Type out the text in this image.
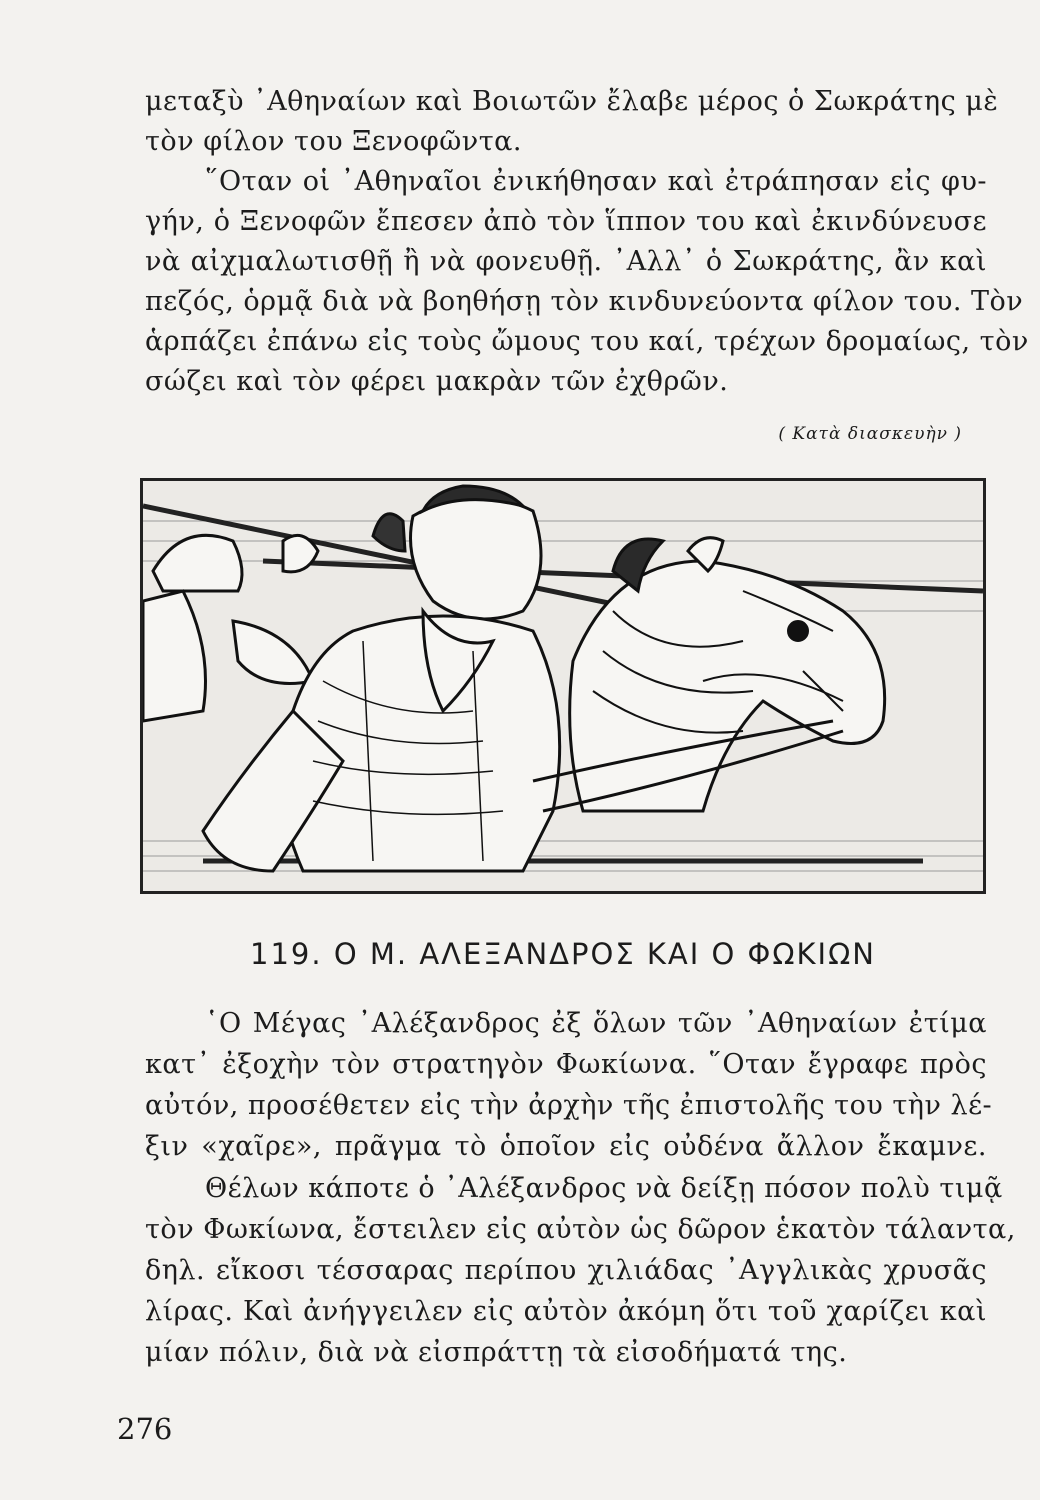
μεταξὺ ᾿Αθηναίων καὶ Βοιωτῶν ἔλαβε μέρος ὁ Σωκράτης μὲ
τὸν φίλον του Ξενοφῶντα.
῞Οταν οἱ ᾿Αθηναῖοι ἐνικήθησαν καὶ ἐτράπησαν εἰς φυ-
γήν, ὁ Ξενοφῶν ἔπεσεν ἀπὸ τὸν ἵππον του καὶ ἐκινδύνευσε
νὰ αἰχμαλωτισθῇ ἢ νὰ φονευθῇ. ᾿Αλλ᾿ ὁ Σωκράτης, ἂν καὶ
πεζός, ὁρμᾷ διὰ νὰ βοηθήσῃ τὸν κινδυνεύοντα φίλον του. Τὸν
ἁρπάζει ἐπάνω εἰς τοὺς ὤμους του καί, τρέχων δρομαίως, τὸν
σώζει καὶ τὸν φέρει μακρὰν τῶν ἐχθρῶν.
( Κατὰ διασκευὴν )
119. Ο Μ. ΑΛΕΞΑΝΔΡΟΣ ΚΑΙ Ο ΦΩΚΙΩΝ
῾Ο Μέγας ᾿Αλέξανδρος ἐξ ὅλων τῶν ᾿Αθηναίων ἐτίμα
κατ᾿ ἐξοχὴν τὸν στρατηγὸν Φωκίωνα. ῞Οταν ἔγραφε πρὸς
αὐτόν, προσέθετεν εἰς τὴν ἀρχὴν τῆς ἐπιστολῆς του τὴν λέ-
ξιν «χαῖρε», πρᾶγμα τὸ ὁποῖον εἰς οὐδένα ἄλλον ἔκαμνε.
Θέλων κάποτε ὁ ᾿Αλέξανδρος νὰ δείξῃ πόσον πολὺ τιμᾷ
τὸν Φωκίωνα, ἔστειλεν εἰς αὐτὸν ὡς δῶρον ἑκατὸν τάλαντα,
δηλ. εἴκοσι τέσσαρας περίπου χιλιάδας ᾿Αγγλικὰς χρυσᾶς
λίρας. Καὶ ἀνήγγειλεν εἰς αὐτὸν ἀκόμη ὅτι τοῦ χαρίζει καὶ
μίαν πόλιν, διὰ νὰ εἰσπράττῃ τὰ εἰσοδήματά της.
276
